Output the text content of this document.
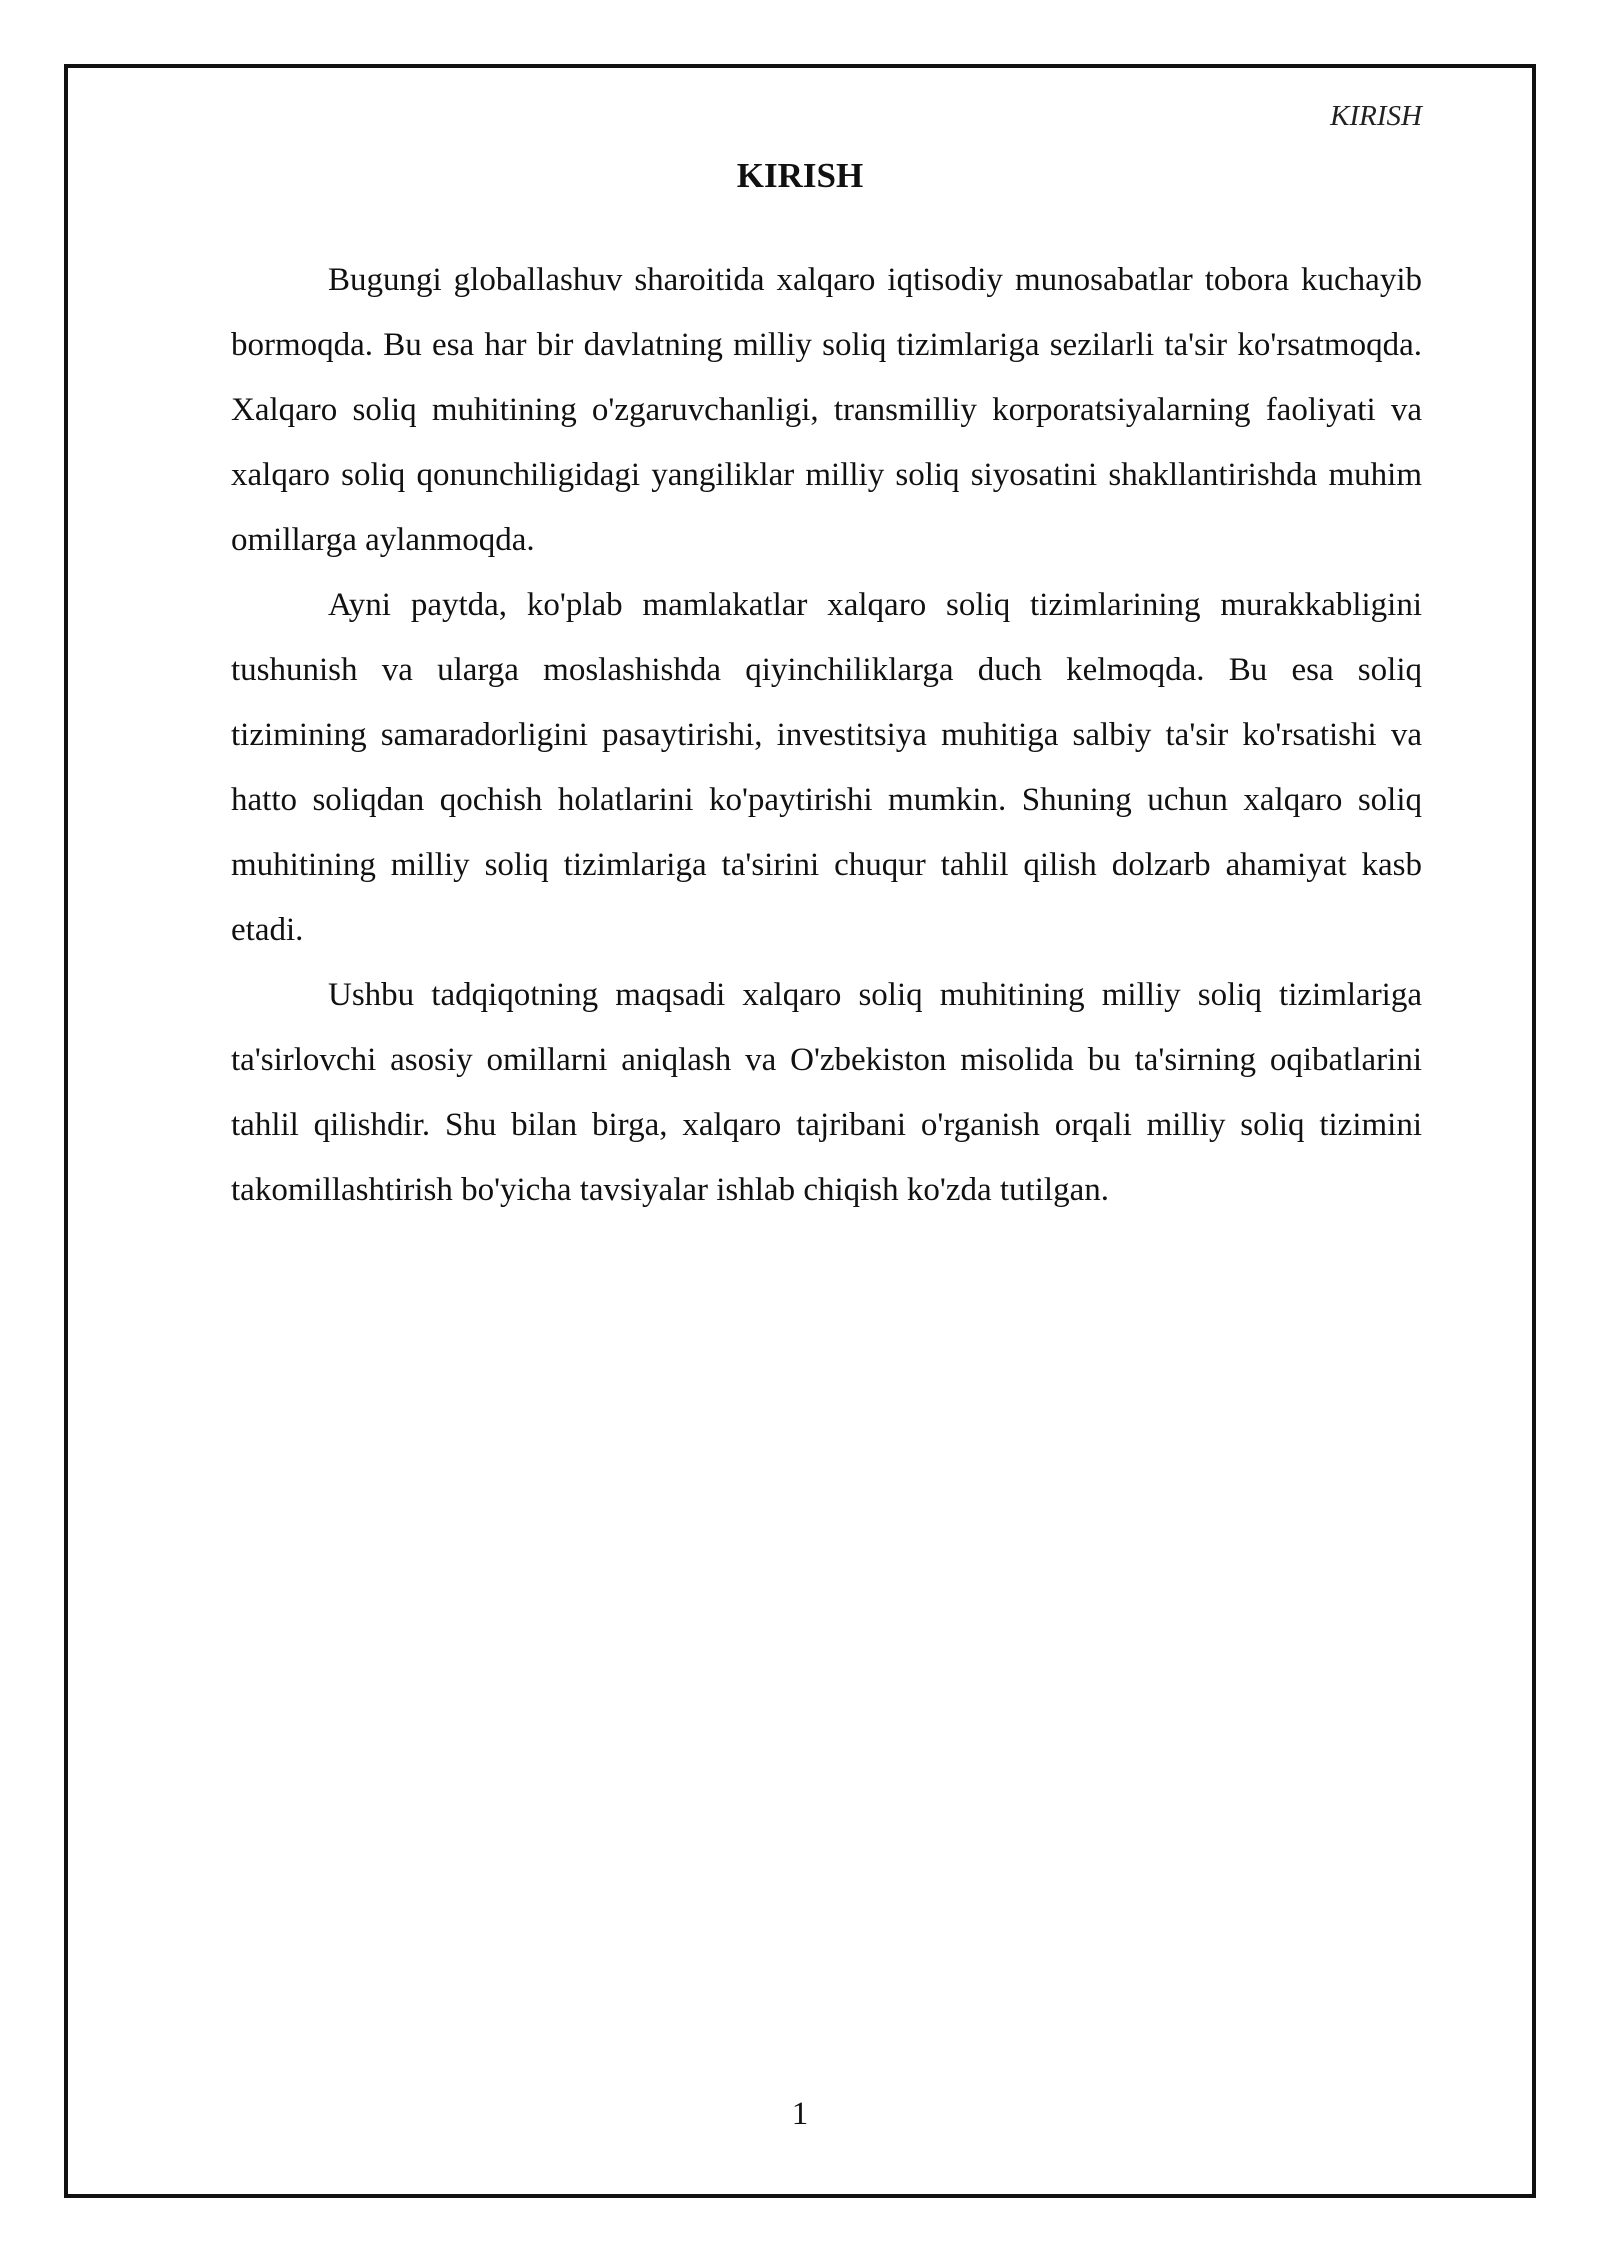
KIRISH
KIRISH

Bugungi globallashuv sharoitida xalqaro iqtisodiy munosabatlar tobora kuchayib bormoqda. Bu esa har bir davlatning milliy soliq tizimlariga sezilarli ta'sir ko'rsatmoqda. Xalqaro soliq muhitining o'zgaruvchanligi, transmilliy korporatsiyalarning faoliyati va xalqaro soliq qonunchiligidagi yangiliklar milliy soliq siyosatini shakllantirishda muhim omillarga aylanmoqda.

Ayni paytda, ko'plab mamlakatlar xalqaro soliq tizimlarining murakkabligini tushunish va ularga moslashishda qiyinchiliklarga duch kelmoqda. Bu esa soliq tizimining samaradorligini pasaytirishi, investitsiya muhitiga salbiy ta'sir ko'rsatishi va hatto soliqdan qochish holatlarini ko'paytirishi mumkin. Shuning uchun xalqaro soliq muhitining milliy soliq tizimlariga ta'sirini chuqur tahlil qilish dolzarb ahamiyat kasb etadi.

Ushbu tadqiqotning maqsadi xalqaro soliq muhitining milliy soliq tizimlariga ta'sirlovchi asosiy omillarni aniqlash va O'zbekiston misolida bu ta'sirning oqibatlarini tahlil qilishdir. Shu bilan birga, xalqaro tajribani o'rganish orqali milliy soliq tizimini takomillashtirish bo'yicha tavsiyalar ishlab chiqish ko'zda tutilgan.

1
